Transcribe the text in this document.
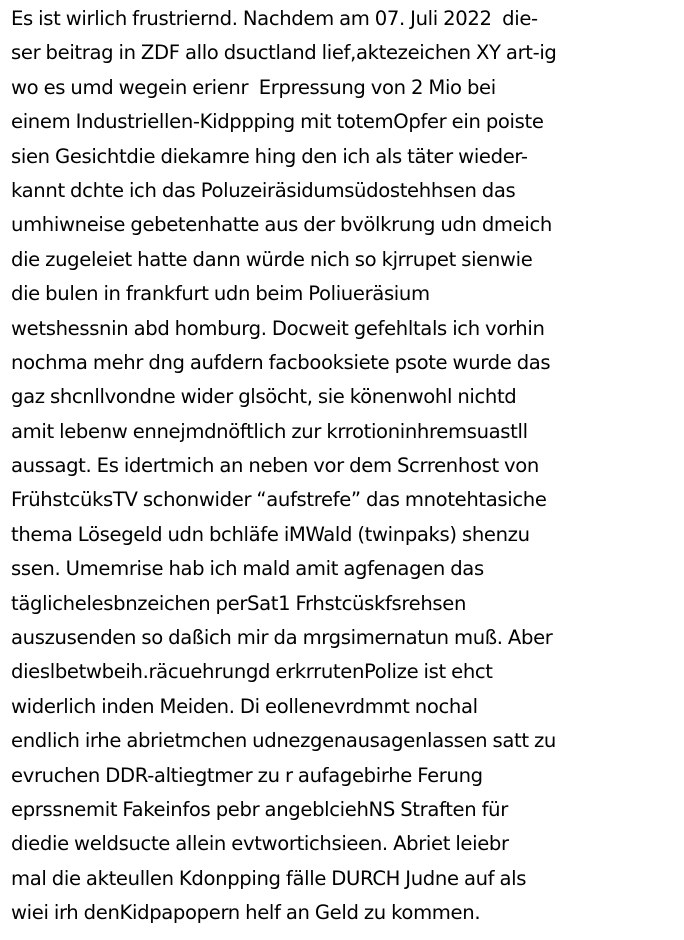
Es ist wirlich frustriernd. Nachdem am 07. Juli 2022  die-
ser beitrag in ZDF allo dsuctland lief,aktezeichen XY art-ig
wo es umd wegein erienr  Erpressung von 2 Mio bei
einem Industriellen-Kidppping mit totemOpfer ein poiste
sien Gesichtdie diekamre hing den ich als täter wieder-
kannt dchte ich das Poluzeiräsidumsüdostehhsen das
umhiwneise gebetenhatte aus der bvölkrung udn dmeich
die zugeleiet hatte dann würde nich so kjrrupet sienwie
die bulen in frankfurt udn beim Poliueräsium
wetshessnin abd homburg. Docweit gefehltals ich vorhin
nochma mehr dng aufdern facbooksiete psote wurde das
gaz shcnllvondne wider glsöcht, sie könenwohl nichtd
amit lebenw ennejmdnöftlich zur krrotioninhremsuastll
aussagt. Es idertmich an neben vor dem Scrrenhost von
FrühstcüksTV schonwider “aufstrefe” das mnotehtasiche
thema Lösegeld udn bchläfe iMWald (twinpaks) shenzu
ssen. Umemrise hab ich mald amit agfenagen das
täglichelesbnzeichen perSat1 Frhstcüskfsrehsen
auszusenden so daßich mir da mrgsimernatun muß. Aber
dieslbetwbeih.räcuehrungd erkrrutenPolize ist ehct
widerlich inden Meiden. Di eollenevrdmmt nochal
endlich irhe abrietmchen udnezgenausagenlassen satt zu
evruchen DDR-altiegtmer zu r aufagebirhe Ferung
eprssnemit Fakeinfos pebr angeblciehNS Straften für
diedie weldsucte allein evtwortichsieen. Abriet leiebr
mal die akteullen Kdonpping fälle DURCH Judne auf als
wiei irh denKidpapopern helf an Geld zu kommen.
